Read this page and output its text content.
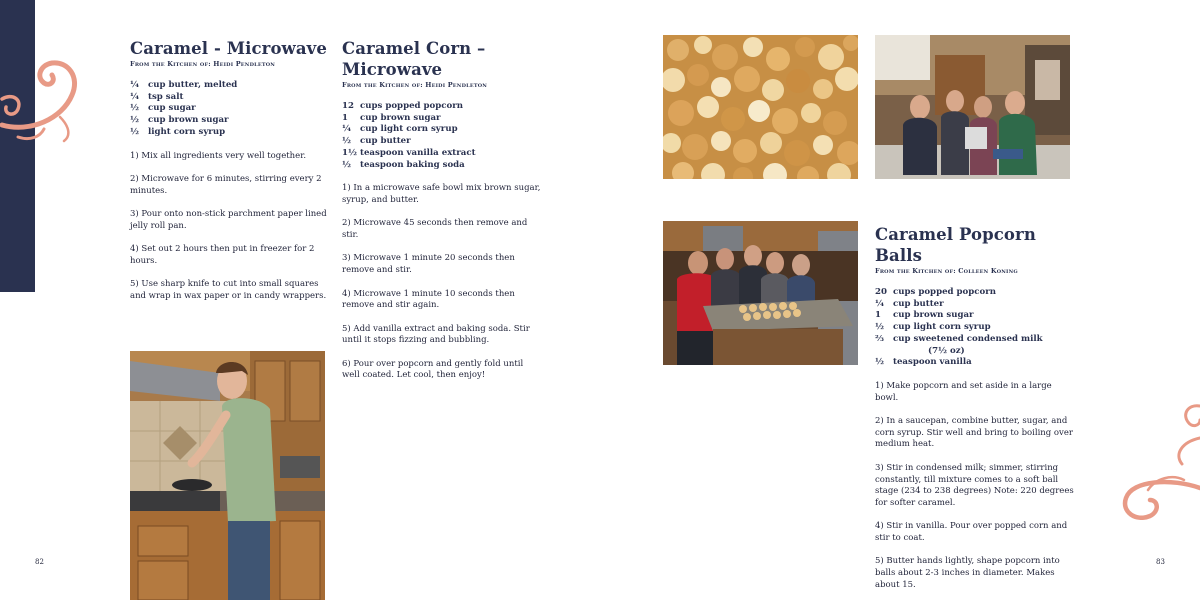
Caramel - Microwave
From the Kitchen of: Heidi Pendleton
¼	cup butter, melted
¼	tsp salt
½	cup sugar
½	cup brown sugar
½	light corn syrup

1) Mix all ingredients very well together.

2) Microwave for 6 minutes, stirring every 2 minutes.

3) Pour onto non-stick parchment paper lined jelly roll pan.

4) Set out 2 hours then put in freezer for 2 hours.

5) Use sharp knife to cut into small squares and wrap in wax paper or in candy wrappers.

Caramel Corn – Microwave
From the Kitchen of: Heidi Pendleton
12 cups popped popcorn
1	cup brown sugar
¼	cup light corn syrup
½	cup butter
1½ teaspoon vanilla extract
½	teaspoon baking soda

1) In a microwave safe bowl mix brown sugar, syrup, and butter.

2) Microwave 45 seconds then remove and stir.

3) Microwave 1 minute 20 seconds then remove and stir.

4) Microwave 1 minute 10 seconds then remove and stir again.

5) Add vanilla extract and baking soda. Stir until it stops fizzing and bubbling.

6) Pour over popcorn and gently fold until well coated. Let cool, then enjoy!

82
Caramel Popcorn Balls
From the Kitchen of: Colleen Koning
20 cups popped popcorn
¼	cup butter
1	cup brown sugar
½	cup light corn syrup
⅔	cup sweetened condensed milk
(7½ oz)
½	teaspoon vanilla

1) Make popcorn and set aside in a large bowl.

2) In a saucepan, combine butter, sugar, and corn syrup. Stir well and bring to boiling over medium heat.

3) Stir in condensed milk; simmer, stirring constantly, till mixture comes to a soft ball stage (234 to 238 degrees) Note: 220 degrees for softer caramel.

4) Stir in vanilla. Pour over popped corn and stir to coat.

5) Butter hands lightly, shape popcorn into balls about 2-3 inches in diameter. Makes about 15.

83
